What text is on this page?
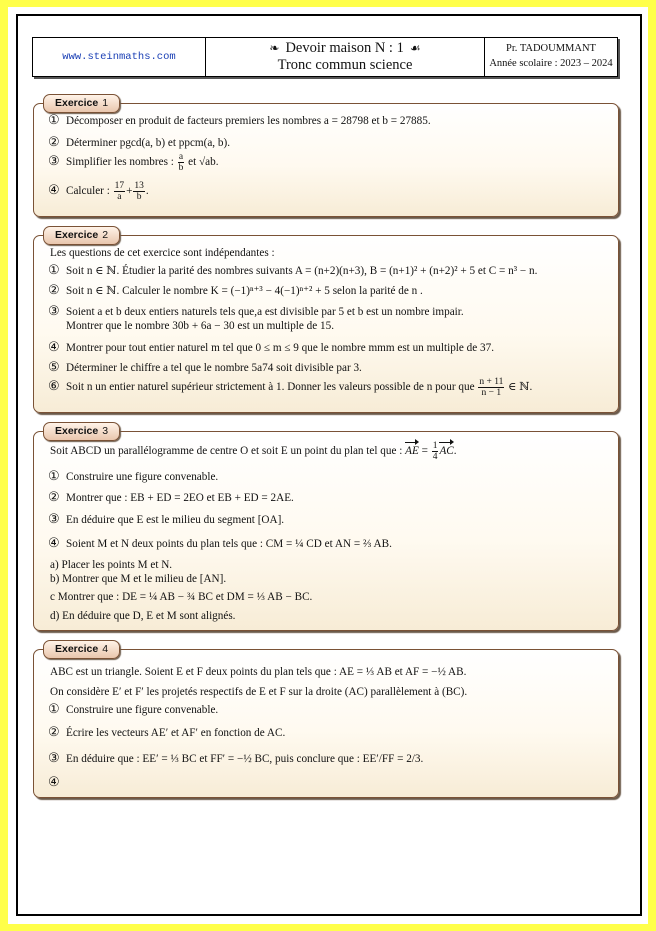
www.steinmaths.com
❧ Devoir maison N : 1 ☙
Tronc commun science
Pr. TADOUMMANT
Année scolaire : 2023 – 2024
Exercice 1
① Décomposer en produit de facteurs premiers les nombres a = 28798 et b = 27885.
② Déterminer pgcd(a, b) et ppcm(a, b).
③ Simplifier les nombres : $\frac{a}{b}$ et √ab.
④ Calculer : $\frac{17}{a} + \frac{13}{b}$ .
Exercice 2
Les questions de cet exercice sont indépendantes :
① Soit n ∈ ℕ. Étudier la parité des nombres suivants A = (n+2)(n+3), B = (n+1)² + (n+2)² + 5 et C = n³ − n.
② Soit n ∈ ℕ. Calculer le nombre K = (−1)ⁿ⁺³ − 4(−1)ⁿ⁺² + 5 selon la parité de n .
③ Soient a et b deux entiers naturels tels que,a est divisible par 5 et b est un nombre impair.
Montrer que le nombre 30b + 6a − 30 est un multiple de 15.
④ Montrer pour tout entier naturel m tel que 0 ≤ m ≤ 9 que le nombre mmm est un multiple de 37.
⑤ Déterminer le chiffre a tel que le nombre 5a74 soit divisible par 3.
⑥ Soit n un entier naturel supérieur strictement à 1. Donner les valeurs possible de n pour que $\frac{n + 11}{n - 1}$ ∈ ℕ.
Exercice 3
Soit ABCD un parallélogramme de centre O et soit E un point du plan tel que : AE = $\frac{1}{4}$ AC.
① Construire une figure convenable.
② Montrer que : EB + ED = 2EO et EB + ED = 2AE.
③ En déduire que E est le milieu du segment [OA].
④ Soient M et N deux points du plan tels que : CM = ¼ CD et AN = ⅔ AB.
a) Placer les points M et N.
b) Montrer que M et le milieu de [AN].
c Montrer que : DE = ¼ AB − ¾ BC et DM = ⅓ AB − BC.
d) En déduire que D, E et M sont alignés.
Exercice 4
ABC est un triangle. Soient E et F deux points du plan tels que : AE = ⅓ AB et AF = −½ AB.
On considère E′ et F′ les projetés respectifs de E et F sur la droite (AC) parallèlement à (BC).
① Construire une figure convenable.
② Écrire les vecteurs AE′ et AF′ en fonction de AC.
③ En déduire que : EE′ = ⅓ BC et FF′ = −½ BC, puis conclure que : EE′/FF = 2/3.
④
